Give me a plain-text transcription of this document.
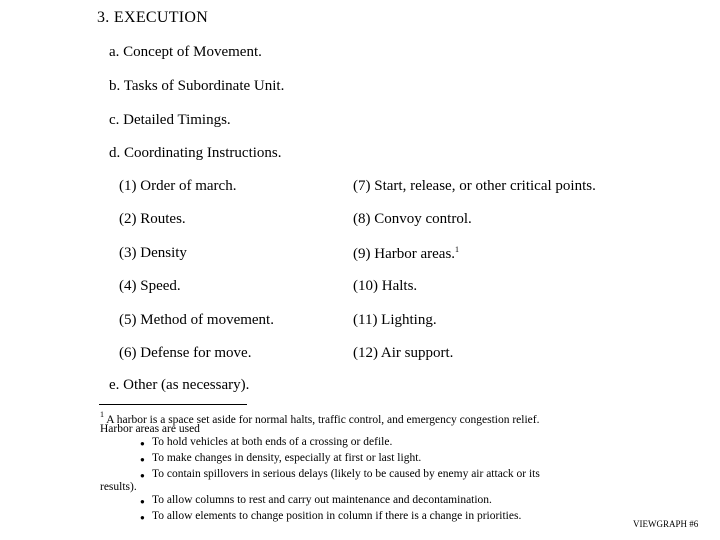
3. EXECUTION
a. Concept of Movement.
b. Tasks of Subordinate Unit.
c. Detailed Timings.
d. Coordinating Instructions.
(1) Order of march.
(2) Routes.
(3) Density
(4) Speed.
(5) Method of movement.
(6) Defense for move.
(7) Start, release, or other critical points.
(8) Convoy control.
(9) Harbor areas.$^1$
(10) Halts.
(11) Lighting.
(12) Air support.
e. Other (as necessary).
$^1$ A harbor is a space set aside for normal halts, traffic control, and emergency congestion relief.
Harbor areas are used
● To hold vehicles at both ends of a crossing or defile.
● To make changes in density, especially at first or last light.
● To contain spillovers in serious delays (likely to be caused by enemy air attack or its
results).
● To allow columns to rest and carry out maintenance and decontamination.
● To allow elements to change position in column if there is a change in priorities.
VIEWGRAPH #6
